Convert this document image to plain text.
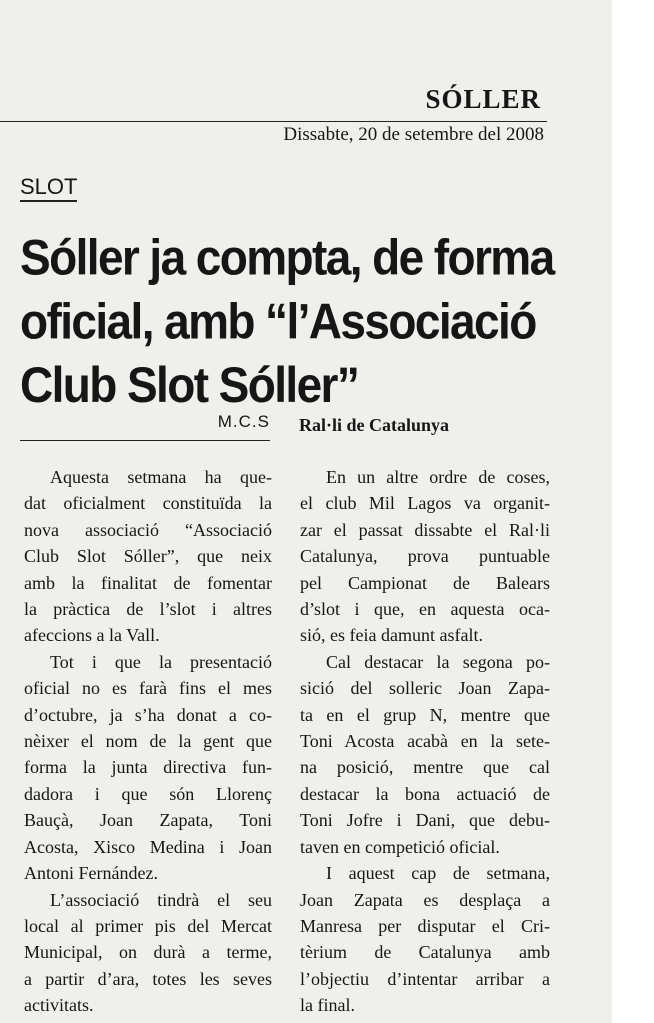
SÓLLER
Dissabte, 20 de setembre del 2008
SLOT
Sóller ja compta, de forma
oficial, amb “l’Associació
Club Slot Sóller”
M.C.S Ral·li de Catalunya

Aquesta setmana ha que-
dat oficialment constituïda la
nova associació “Associació
Club Slot Sóller”, que neix
amb la finalitat de fomentar
la pràctica de l’slot i altres
afeccions a la Vall.

Tot i que la presentació
oficial no es farà fins el mes
d’octubre, ja s’ha donat a co-
nèixer el nom de la gent que
forma la junta directiva fun-
dadora i que són Llorenç
Bauçà, Joan Zapata, Toni
Acosta, Xisco Medina i Joan
Antoni Fernández.

L’associació tindrà el seu
local al primer pis del Mercat
Municipal, on durà a terme,
a partir d’ara, totes les seves
activitats.

En un altre ordre de coses,
el club Mil Lagos va organit-
zar el passat dissabte el Ral·li
Catalunya, prova puntuable
pel Campionat de Balears
d’slot i que, en aquesta oca-
sió, es feia damunt asfalt.

Cal destacar la segona po-
sició del solleric Joan Zapa-
ta en el grup N, mentre que
Toni Acosta acabà en la sete-
na posició, mentre que cal
destacar la bona actuació de
Toni Jofre i Dani, que debu-
taven en competició oficial.

I aquest cap de setmana,
Joan Zapata es desplaça a
Manresa per disputar el Cri-
tèrium de Catalunya amb
l’objectiu d’intentar arribar a
la final.
